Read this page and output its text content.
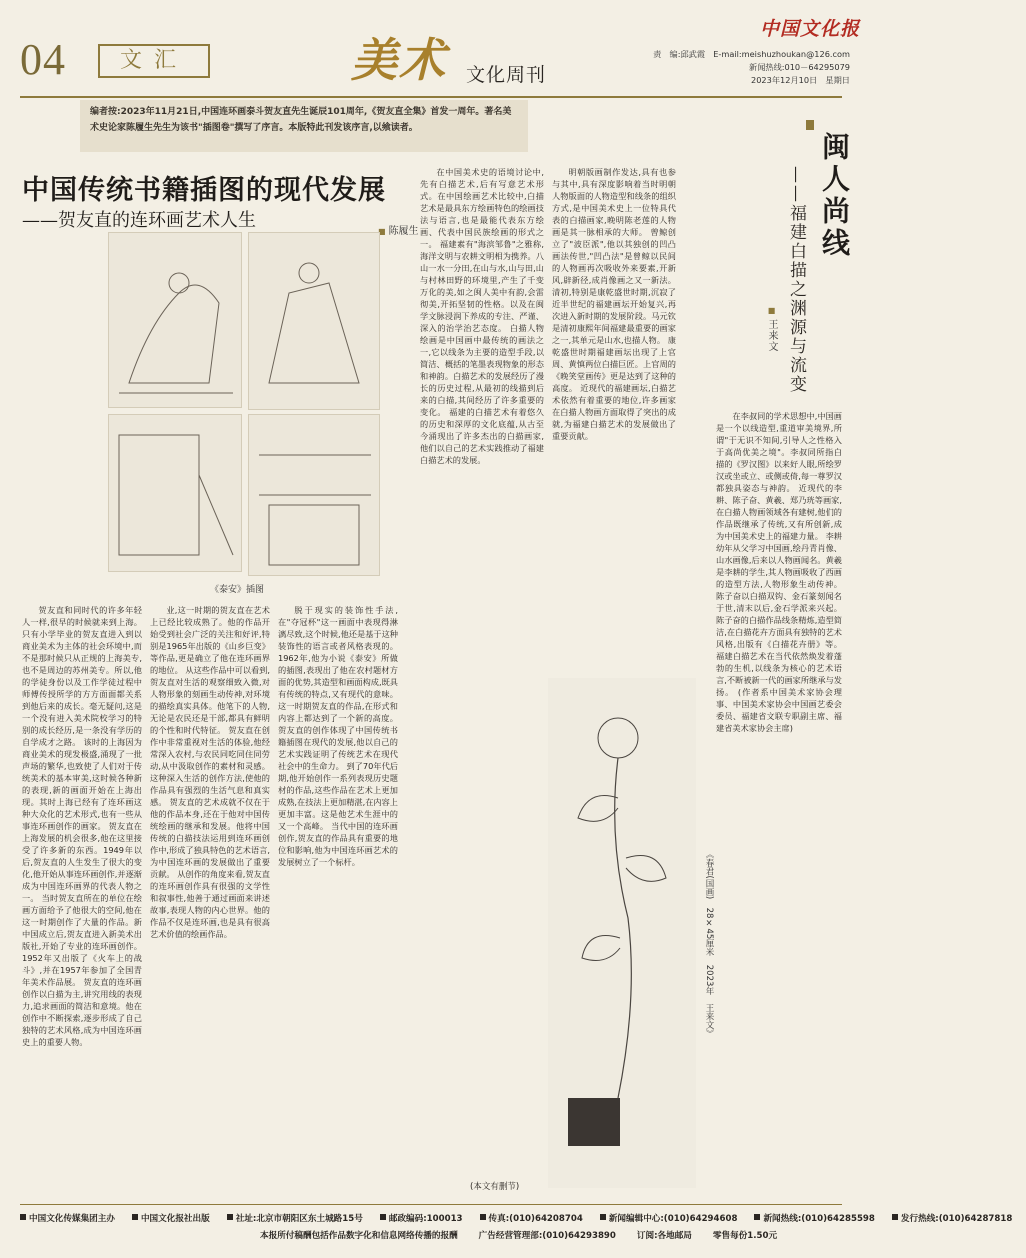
04	文汇	美术	文化周刊
中国文化报
责　编:邱武霞　E-mail:meishuzhoukan@126.com
新闻热线:010－64295079
2023年12月10日　星期日
编者按:2023年11月21日,中国连环画泰斗贺友直先生诞辰101周年,《贺友直全集》首发一周年。著名美术史论家陈履生先生为该书"插图卷"撰写了序言。本版特此刊发该序言,以飨读者。
中国传统书籍插图的现代发展
——贺友直的连环画艺术人生
■ 陈履生
《泰安》插图

贺友直和同时代的许多年轻人一样,很早的时候就来到上海。只有小学毕业的贺友直进入到以商业美术为主体的社会环境中,而不是那时候只从正规的上海美专,也不是周边的苏州美专。所以,他的学徒身份以及工作学徒过程中师傅传授所学的方方面面都关系到他后来的成长。毫无疑问,这是一个没有进入美术院校学习的特别的成长经历,是一条没有学历的自学成才之路。 该时的上海因为商业美术的现发极盛,涌现了一批声场的繁华,也致使了人们对于传统美术的基本审美,这时候各种新的表现,新的画面开始在上海出现。其时上海已经有了连环画这种大众化的艺术形式,也有一些从事连环画创作的画家。 贺友直在上海发展的机会很多,他在这里接受了许多新的东西。1949年以后,贺友直的人生发生了很大的变化,他开始从事连环画创作,并逐渐成为中国连环画界的代表人物之一。 当时贺友直所在的单位在绘画方面给予了他很大的空间,他在这一时期创作了大量的作品。新中国成立后,贺友直进入新美术出版社,开始了专业的连环画创作。1952年又出版了《火车上的战斗》,并在1957年参加了全国青年美术作品展。 贺友直的连环画创作以白描为主,讲究用线的表现力,追求画面的简洁和意境。他在创作中不断探索,逐步形成了自己独特的艺术风格,成为中国连环画史上的重要人物。

业,这一时期的贺友直在艺术上已经比较成熟了。他的作品开始受到社会广泛的关注和好评,特别是1965年出版的《山乡巨变》等作品,更是确立了他在连环画界的地位。 从这些作品中可以看到,贺友直对生活的观察细致入微,对人物形象的刻画生动传神,对环境的描绘真实具体。他笔下的人物,无论是农民还是干部,都具有鲜明的个性和时代特征。 贺友直在创作中非常重视对生活的体验,他经常深入农村,与农民同吃同住同劳动,从中汲取创作的素材和灵感。这种深入生活的创作方法,使他的作品具有强烈的生活气息和真实感。 贺友直的艺术成就不仅在于他的作品本身,还在于他对中国传统绘画的继承和发展。他将中国传统的白描技法运用到连环画创作中,形成了独具特色的艺术语言,为中国连环画的发展做出了重要贡献。 从创作的角度来看,贺友直的连环画创作具有很强的文学性和叙事性,他善于通过画面来讲述故事,表现人物的内心世界。他的作品不仅是连环画,也是具有很高艺术价值的绘画作品。

脱于现实的装饰性手法,在"夺冠杯"这一画面中表现得淋漓尽致,这个时候,他还是基于这种装饰性的语言或者风格表现的。 1962年,他为小说《泰安》所做的插图,表现出了他在农村题材方面的优势,其造型和画面构成,既具有传统的特点,又有现代的意味。这一时期贺友直的作品,在形式和内容上都达到了一个新的高度。 贺友直的创作体现了中国传统书籍插图在现代的发展,他以自己的艺术实践证明了传统艺术在现代社会中的生命力。 到了70年代后期,他开始创作一系列表现历史题材的作品,这些作品在艺术上更加成熟,在技法上更加精湛,在内容上更加丰富。这是他艺术生涯中的又一个高峰。 当代中国的连环画创作,贺友直的作品具有重要的地位和影响,他为中国连环画艺术的发展树立了一个标杆。

在中国美术史的语境讨论中,先有白描艺术,后有写意艺术形式。在中国绘画艺术比较中,白描艺术是最具东方绘画特色的绘画技法与语言,也是最能代表东方绘画、代表中国民族绘画的形式之一。 福建素有"海滨邹鲁"之雅称,海洋文明与农耕文明相为携养。八山一水一分田,在山与水,山与田,山与村林田野的环境里,产生了千变万化的美,如之闽人美中有韵,会雷彻美,开拓坚韧的性格。以及在闽学文脉浸润下养成的专注、严谨、深入的治学治艺态度。 白描人物绘画是中国画中最传统的画法之一,它以线条为主要的造型手段,以简洁、概括的笔墨表现物象的形态和神韵。白描艺术的发展经历了漫长的历史过程,从最初的线描到后来的白描,其间经历了许多重要的变化。 福建的白描艺术有着悠久的历史和深厚的文化底蕴,从古至今涌现出了许多杰出的白描画家,他们以自己的艺术实践推动了福建白描艺术的发展。

明朝版画制作发达,具有也参与其中,具有深度影响着当时明朝人物版面的人物造型和线条的组织方式,是中国美术史上一位特具代表的白描画家,晚明陈老莲的人物画是其一脉相承的大师。 曾鲸创立了"波臣派",他以其独创的凹凸画法传世,"凹凸法"是曾鲸以民间的人物画再次吸收外来要素,开新风,辟新径,成肖像画之又一新法。 清初,特别是康乾盛世时期,沉寂了近半世纪的福建画坛开始复兴,再次进入新时期的发展阶段。马元钦是清初康熙年间福建最重要的画家之一,其单元是山水,也描人物。 康乾盛世时期福建画坛出现了上官周、黄慎两位白描巨匠。上官周的《晚笑堂画传》更是达到了这种的高度。 近现代的福建画坛,白描艺术依然有着重要的地位,许多画家在白描人物画方面取得了突出的成就,为福建白描艺术的发展做出了重要贡献。

在李叔同的学术思想中,中国画是一个以线造型,重道审美境界,所谓"于无识不知间,引导人之性格入于高尚优美之境"。李叔同所指白描的《罗汉图》以来好人眼,所绘罗汉或坐或立、或侧或倚,每一尊罗汉都独具姿态与神韵。 近现代的李耕、陈子奋、黄羲、郑乃珖等画家,在白描人物画领域各有建树,他们的作品既继承了传统,又有所创新,成为中国美术史上的福建力量。 李耕幼年从父学习中国画,绘丹青肖像、山水画像,后来以人物画闻名。黄羲是李耕的学生,其人物画吸收了西画的造型方法,人物形象生动传神。 陈子奋以白描双钩、金石篆刻闻名于世,清末以后,金石学派来兴起。陈子奋的白描作品线条精炼,造型简洁,在白描花卉方面具有独特的艺术风格,出版有《白描花卉册》等。 福建白描艺术在当代依然焕发着蓬勃的生机,以线条为核心的艺术语言,不断被新一代的画家所继承与发扬。 (作者系中国美术家协会理事、中国美术家协会中国画艺委会委员、福建省文联专职副主席、福建省美术家协会主席)

(本文有删节)
闽人尚线
——福建白描之渊源与流变
■ 王来文
《春君(国画)　28×45厘米　2023年　王来文》
中国文化传媒集团主办	中国文化报社出版	社址:北京市朝阳区东土城路15号	邮政编码:100013	传真:(010)64208704	新闻编辑中心:(010)64294608	新闻热线:(010)64285598	发行热线:(010)64287818
本报所付稿酬包括作品数字化和信息网络传播的报酬 广告经营管理部:(010)64293890 订阅:各地邮局 零售每份1.50元
